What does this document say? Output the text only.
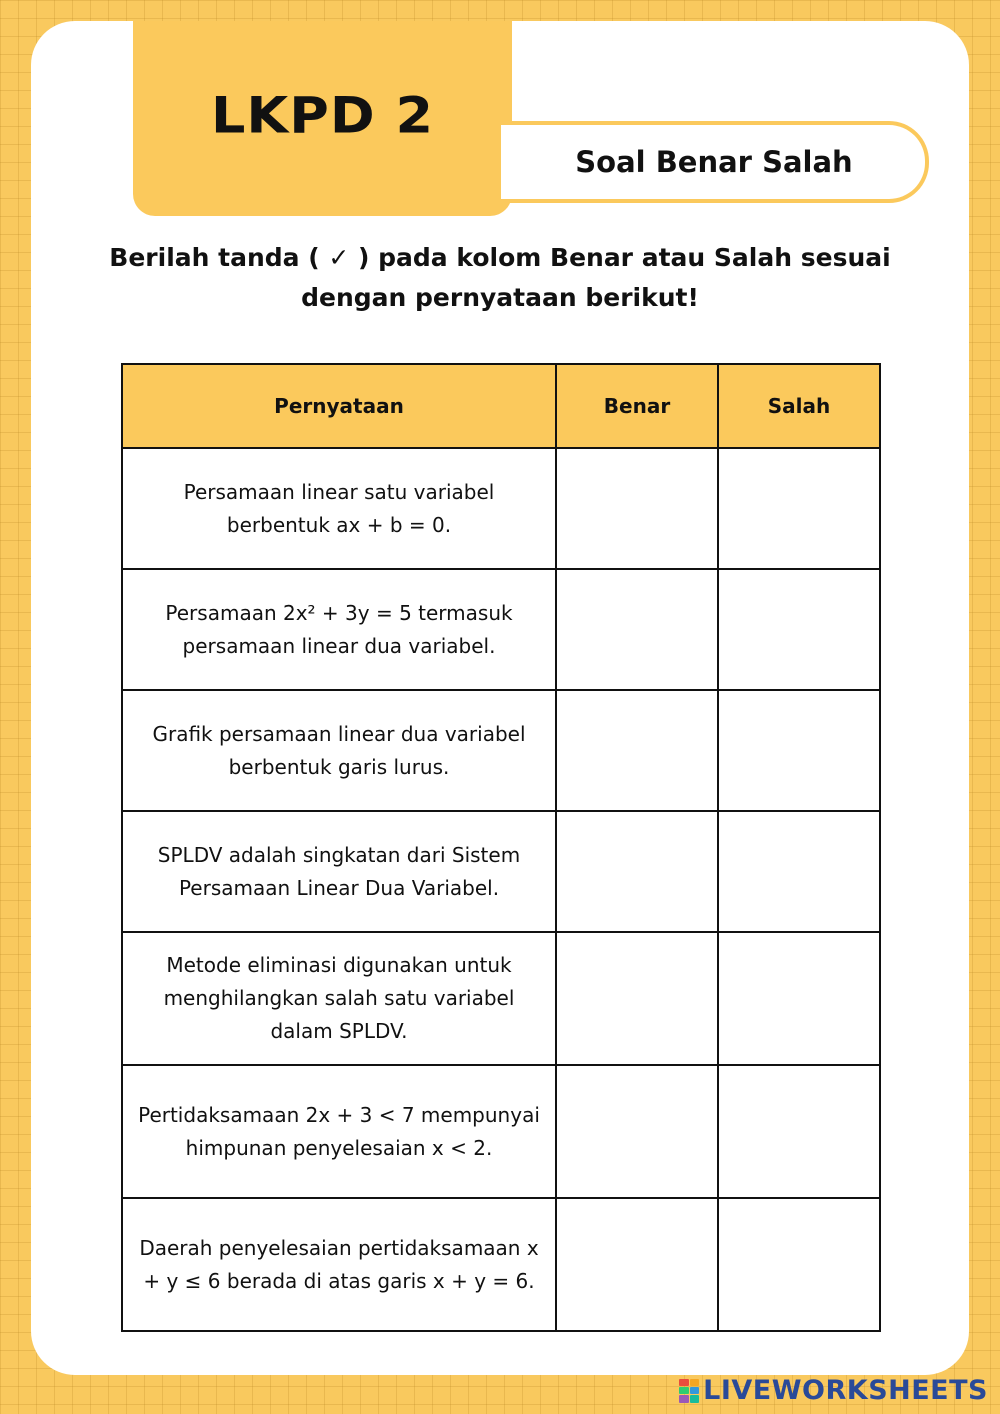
LKPD 2
Soal Benar Salah
Berilah tanda ( ✓ ) pada kolom Benar atau Salah sesuai dengan pernyataan berikut!
Pernyataan	Benar	Salah
Persamaan linear satu variabel berbentuk ax + b = 0.		
Persamaan 2x² + 3y = 5 termasuk persamaan linear dua variabel.		
Grafik persamaan linear dua variabel berbentuk garis lurus.		
SPLDV adalah singkatan dari Sistem Persamaan Linear Dua Variabel.		
Metode eliminasi digunakan untuk menghilangkan salah satu variabel dalam SPLDV.		
Pertidaksamaan 2x + 3 < 7 mempunyai himpunan penyelesaian x < 2.		
Daerah penyelesaian pertidaksamaan x + y ≤ 6 berada di atas garis x + y = 6.		
LIVEWORKSHEETS
